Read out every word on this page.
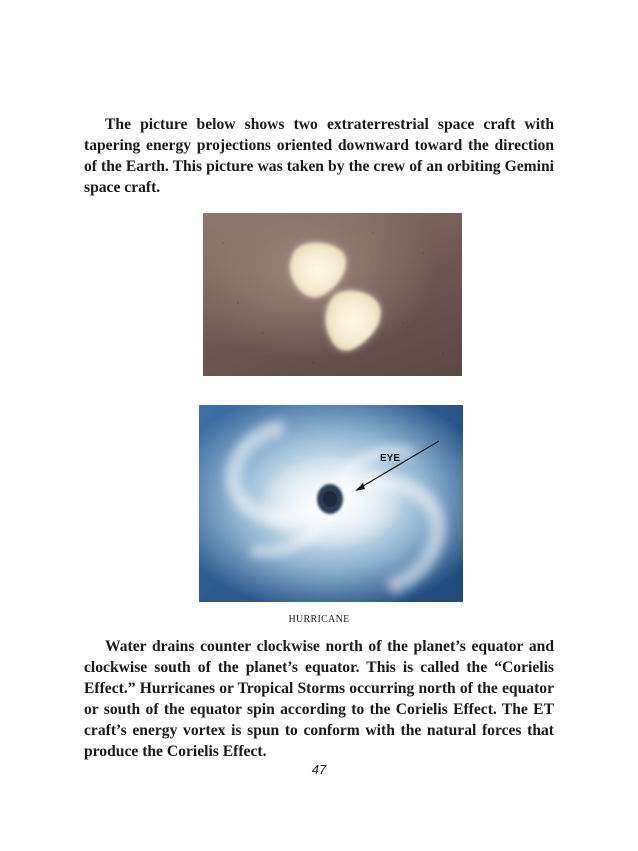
The picture below shows two extraterrestrial space craft with tapering energy projections oriented downward toward the direction of the Earth. This picture was taken by the crew of an orbiting Gemini space craft.

EYE
HURRICANE

Water drains counter clockwise north of the planet’s equator and clockwise south of the planet’s equator. This is called the “Corielis Effect.” Hurricanes or Tropical Storms occurring north of the equator or south of the equator spin according to the Corielis Effect. The ET craft’s energy vortex is spun to conform with the natural forces that produce the Corielis Effect.

47
